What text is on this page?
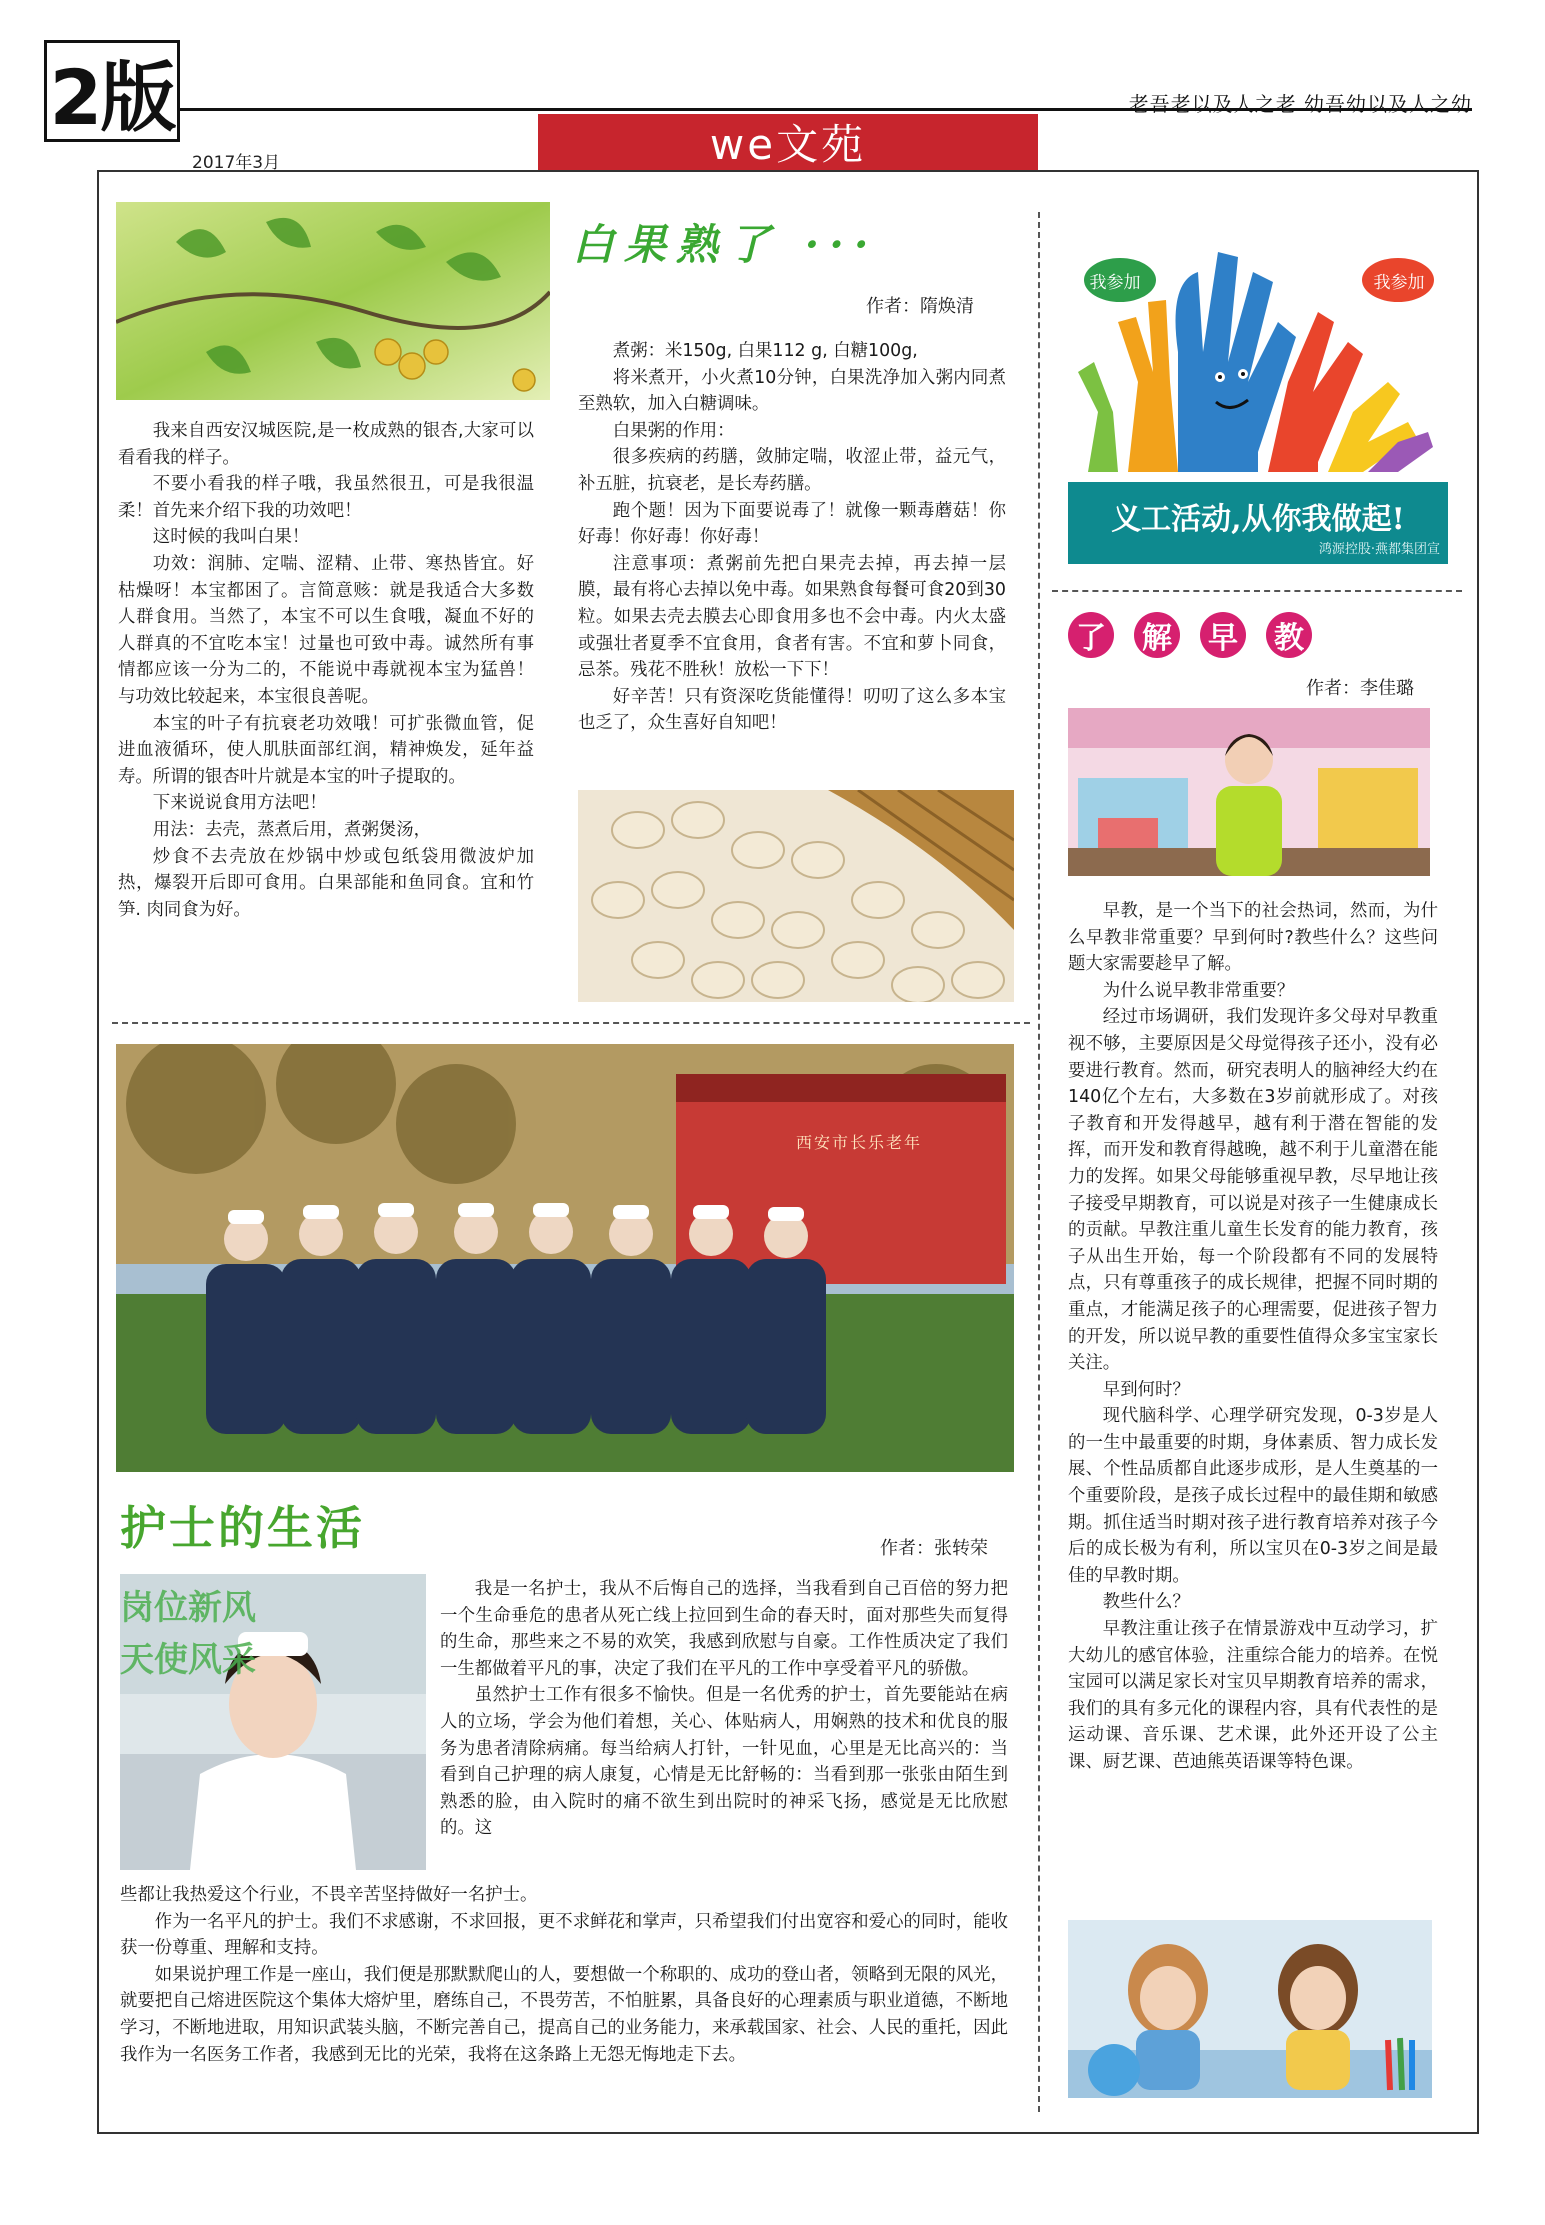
2版	老吾老以及人之老 幼吾幼以及人之幼
2017年3月	we文苑
白果熟了 ···
作者：隋焕清

我来自西安汉城医院,是一枚成熟的银杏,大家可以看看我的样子。

不要小看我的样子哦，我虽然很丑，可是我很温柔！首先来介绍下我的功效吧！

这时候的我叫白果！

功效：润肺、定喘、涩精、止带、寒热皆宜。好枯燥呀！本宝都困了。言简意赅：就是我适合大多数人群食用。当然了，本宝不可以生食哦，凝血不好的人群真的不宜吃本宝！过量也可致中毒。诚然所有事情都应该一分为二的，不能说中毒就视本宝为猛兽！与功效比较起来，本宝很良善呢。

本宝的叶子有抗衰老功效哦！可扩张微血管，促进血液循环，使人肌肤面部红润，精神焕发，延年益寿。所谓的银杏叶片就是本宝的叶子提取的。

下来说说食用方法吧！

用法：去壳，蒸煮后用，煮粥煲汤，

炒食不去壳放在炒锅中炒或包纸袋用微波炉加热，爆裂开后即可食用。白果部能和鱼同食。宜和竹笋. 肉同食为好。

煮粥：米150g, 白果112 g, 白糖100g,

将米煮开，小火煮10分钟，白果洗净加入粥内同煮至熟软，加入白糖调味。

白果粥的作用：

很多疾病的药膳，敛肺定喘，收涩止带，益元气，补五脏，抗衰老，是长寿药膳。

跑个题！因为下面要说毒了！就像一颗毒蘑菇！你好毒！你好毒！你好毒！

注意事项：煮粥前先把白果壳去掉，再去掉一层膜，最有将心去掉以免中毒。如果熟食每餐可食20到30粒。如果去壳去膜去心即食用多也不会中毒。内火太盛或强壮者夏季不宜食用，食者有害。不宜和萝卜同食，忌茶。残花不胜秋！放松一下下！

好辛苦！只有资深吃货能懂得！叨叨了这么多本宝也乏了，众生喜好自知吧！

我参加	我参加
义工活动,从你我做起!
鸿源控股·燕都集团宣
了 解 早 教
作者：李佳璐

早教，是一个当下的社会热词，然而，为什么早教非常重要？早到何时?教些什么？这些问题大家需要趁早了解。

为什么说早教非常重要？

经过市场调研，我们发现许多父母对早教重视不够，主要原因是父母觉得孩子还小，没有必要进行教育。然而，研究表明人的脑神经大约在140亿个左右，大多数在3岁前就形成了。对孩子教育和开发得越早，越有利于潜在智能的发挥，而开发和教育得越晚，越不利于儿童潜在能力的发挥。如果父母能够重视早教，尽早地让孩子接受早期教育，可以说是对孩子一生健康成长的贡献。早教注重儿童生长发育的能力教育，孩子从出生开始，每一个阶段都有不同的发展特点，只有尊重孩子的成长规律，把握不同时期的重点，才能满足孩子的心理需要，促进孩子智力的开发，所以说早教的重要性值得众多宝宝家长关注。

早到何时？

现代脑科学、心理学研究发现，0-3岁是人的一生中最重要的时期，身体素质、智力成长发展、个性品质都自此逐步成形，是人生奠基的一个重要阶段，是孩子成长过程中的最佳期和敏感期。抓住适当时期对孩子进行教育培养对孩子今后的成长极为有利，所以宝贝在0-3岁之间是最佳的早教时期。

教些什么？

早教注重让孩子在情景游戏中互动学习，扩大幼儿的感官体验，注重综合能力的培养。在悦宝园可以满足家长对宝贝早期教育培养的需求，我们的具有多元化的课程内容，具有代表性的是运动课、音乐课、艺术课，此外还开设了公主课、厨艺课、芭迪熊英语课等特色课。

西安市长乐老年
护士的生活	作者：张转荣
岗位新风
天使风采

我是一名护士，我从不后悔自己的选择，当我看到自己百倍的努力把一个生命垂危的患者从死亡线上拉回到生命的春天时，面对那些失而复得的生命，那些来之不易的欢笑，我感到欣慰与自豪。工作性质决定了我们一生都做着平凡的事，决定了我们在平凡的工作中享受着平凡的骄傲。

虽然护士工作有很多不愉快。但是一名优秀的护士，首先要能站在病人的立场，学会为他们着想，关心、体贴病人，用娴熟的技术和优良的服务为患者清除病痛。每当给病人打针，一针见血，心里是无比高兴的：当看到自己护理的病人康复，心情是无比舒畅的：当看到那一张张由陌生到熟悉的脸，由入院时的痛不欲生到出院时的神采飞扬，感觉是无比欣慰的。这

些都让我热爱这个行业，不畏辛苦坚持做好一名护士。

作为一名平凡的护士。我们不求感谢，不求回报，更不求鲜花和掌声，只希望我们付出宽容和爱心的同时，能收获一份尊重、理解和支持。

如果说护理工作是一座山，我们便是那默默爬山的人，要想做一个称职的、成功的登山者，领略到无限的风光，就要把自己熔进医院这个集体大熔炉里，磨练自己，不畏劳苦，不怕脏累，具备良好的心理素质与职业道德，不断地学习，不断地进取，用知识武装头脑，不断完善自己，提高自己的业务能力，来承载国家、社会、人民的重托，因此我作为一名医务工作者，我感到无比的光荣，我将在这条路上无怨无悔地走下去。
